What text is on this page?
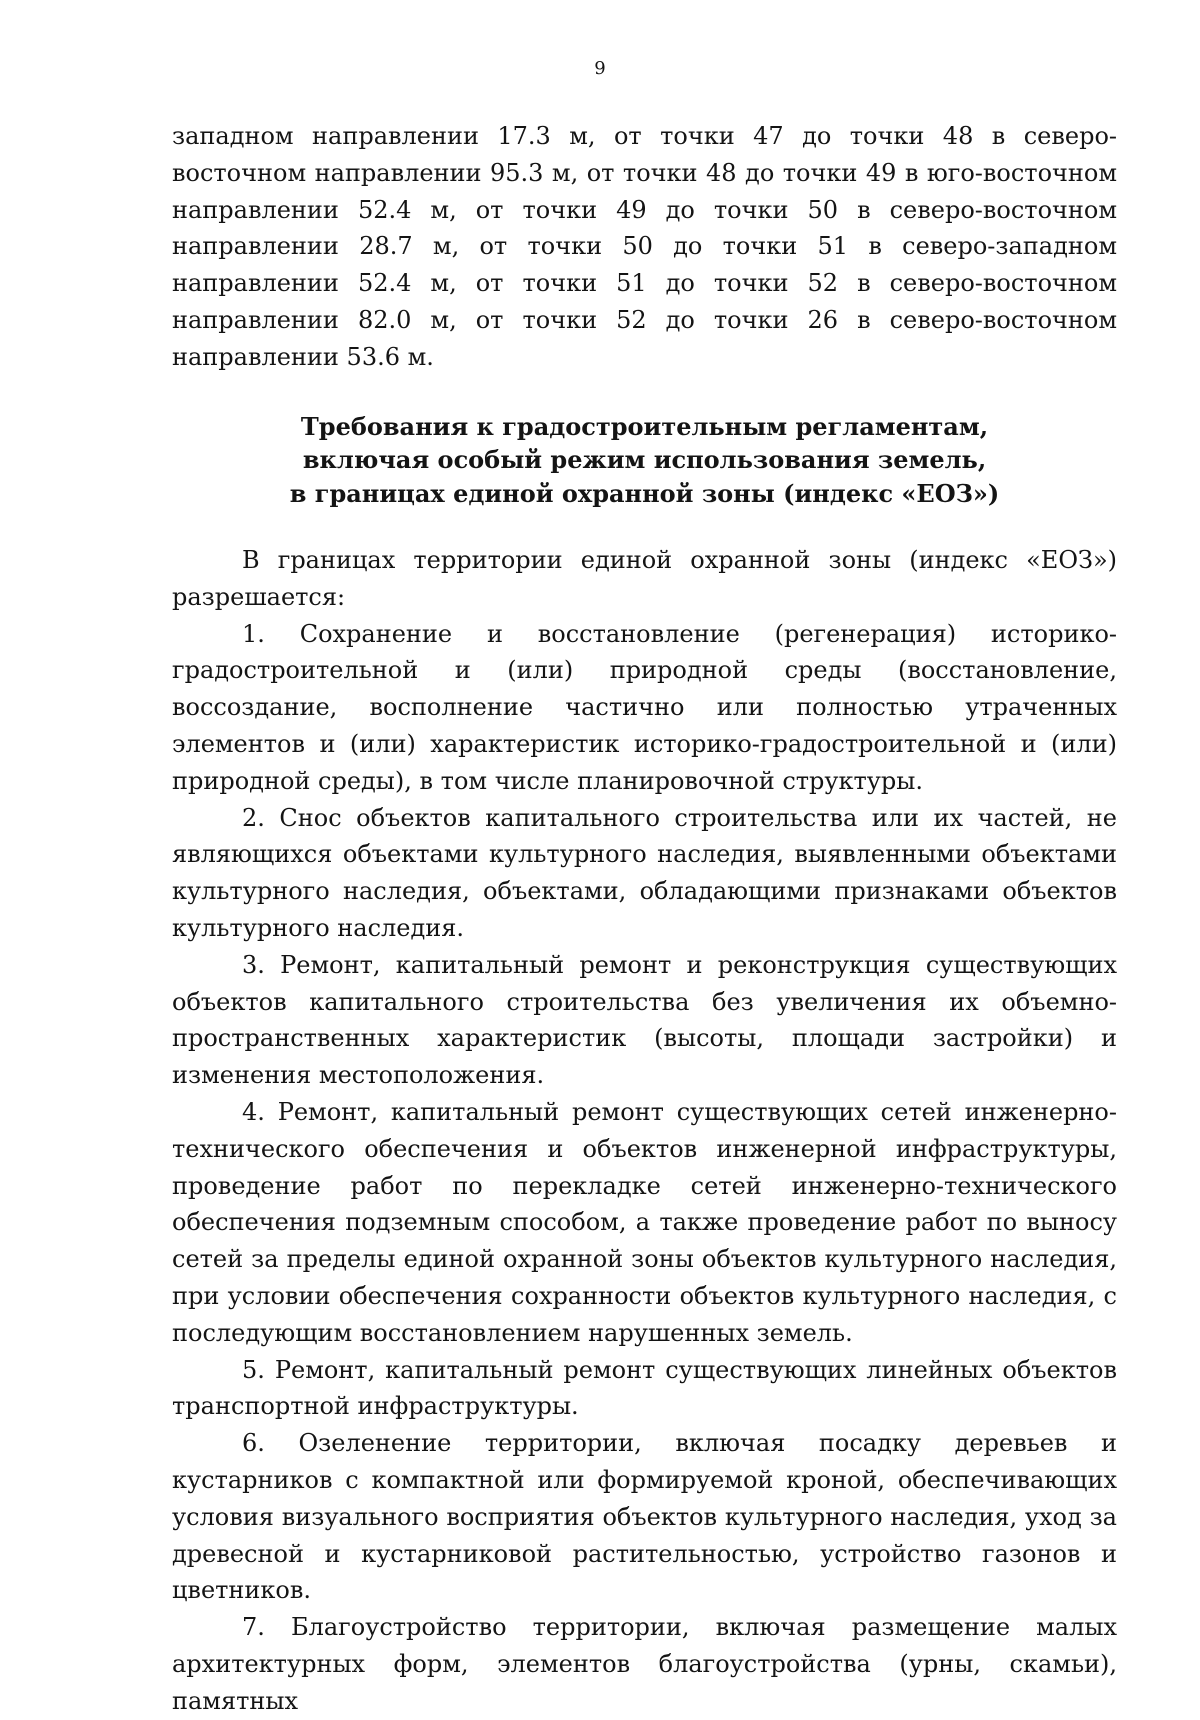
9

западном направлении 17.3 м, от точки 47 до точки 48 в северо-восточном направлении 95.3 м, от точки 48 до точки 49 в юго-восточном направлении 52.4 м, от точки 49 до точки 50 в северо-восточном направлении 28.7 м, от точки 50 до точки 51 в северо-западном направлении 52.4 м, от точки 51 до точки 52 в северо-восточном направлении 82.0 м, от точки 52 до точки 26 в северо-восточном направлении 53.6 м.

Требования к градостроительным регламентам,
включая особый режим использования земель,
в границах единой охранной зоны (индекс «ЕОЗ»)

В границах территории единой охранной зоны (индекс «ЕОЗ») разрешается:

1. Сохранение и восстановление (регенерация) историко-градостроительной и (или) природной среды (восстановление, воссоздание, восполнение частично или полностью утраченных элементов и (или) характеристик историко-градостроительной и (или) природной среды), в том числе планировочной структуры.

2. Снос объектов капитального строительства или их частей, не являющихся объектами культурного наследия, выявленными объектами культурного наследия, объектами, обладающими признаками объектов культурного наследия.

3. Ремонт, капитальный ремонт и реконструкция существующих объектов капитального строительства без увеличения их объемно-пространственных характеристик (высоты, площади застройки) и изменения местоположения.

4. Ремонт, капитальный ремонт существующих сетей инженерно-технического обеспечения и объектов инженерной инфраструктуры, проведение работ по перекладке сетей инженерно-технического обеспечения подземным способом, а также проведение работ по выносу сетей за пределы единой охранной зоны объектов культурного наследия, при условии обеспечения сохранности объектов культурного наследия, с последующим восстановлением нарушенных земель.

5. Ремонт, капитальный ремонт существующих линейных объектов транспортной инфраструктуры.

6. Озеленение территории, включая посадку деревьев и кустарников с компактной или формируемой кроной, обеспечивающих условия визуального восприятия объектов культурного наследия, уход за древесной и кустарниковой растительностью, устройство газонов и цветников.

7. Благоустройство территории, включая размещение малых архитектурных форм, элементов благоустройства (урны, скамьи), памятных
